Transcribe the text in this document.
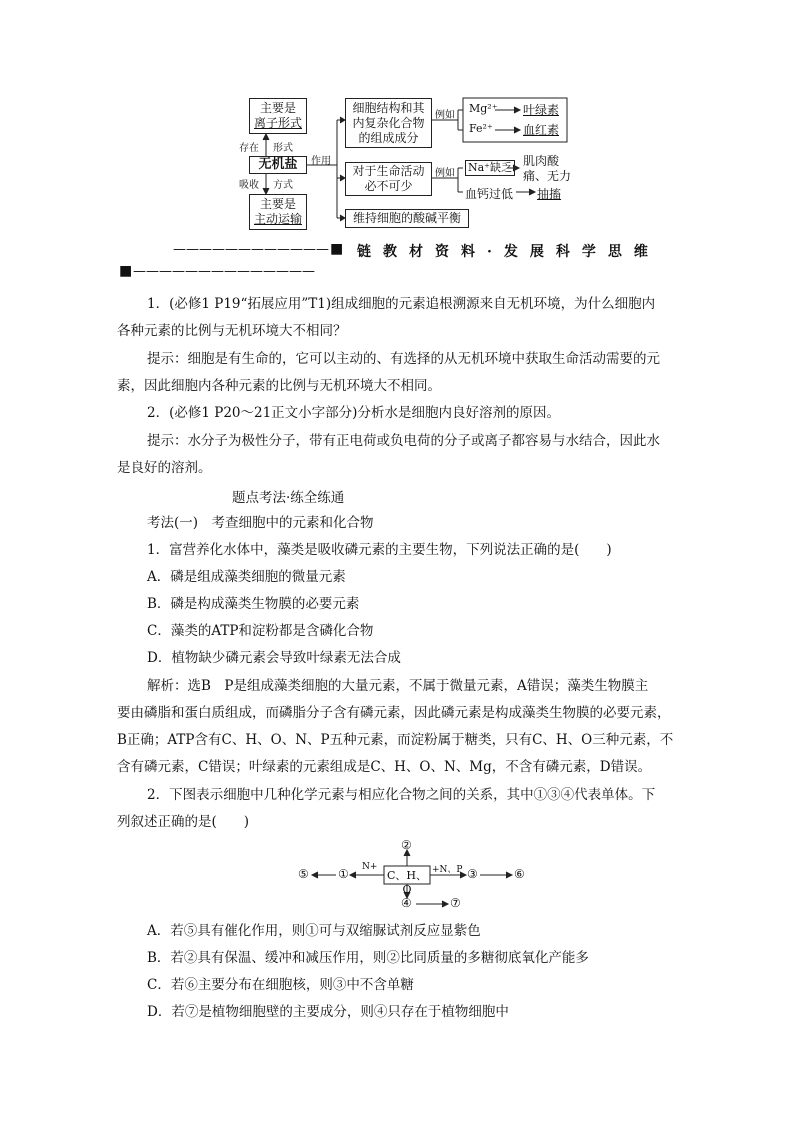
主要是
离子形式
存在 形式
无机盐
吸收 方式
主要是
主动运输
作用
细胞结构和其
内复杂化合物
的组成成分
对于生命活动
必不可少
维持细胞的酸碱平衡
例如
例如
Mg²⁺ 叶绿素
Fe²⁺	血红素
Na⁺缺乏 肌肉酸
痛、无力
血钙过低 抽搐
———————————— ■ 链教材资料·发展科学思维
■ ——————————————
1．(必修1 P19“拓展应用”T1)组成细胞的元素追根溯源来自无机环境，为什么细胞内
各种元素的比例与无机环境大不相同？
提示：细胞是有生命的，它可以主动的、有选择的从无机环境中获取生命活动需要的元
素，因此细胞内各种元素的比例与无机环境大不相同。
2．(必修1 P20～21正文小字部分)分析水是细胞内良好溶剂的原因。
提示：水分子为极性分子，带有正电荷或负电荷的分子或离子都容易与水结合，因此水
是良好的溶剂。
题点考法·练全练通
考法(一)　考查细胞中的元素和化合物
1．富营养化水体中，藻类是吸收磷元素的主要生物，下列说法正确的是(　　)
A．磷是组成藻类细胞的微量元素
B．磷是构成藻类生物膜的必要元素
C．藻类的ATP和淀粉都是含磷化合物
D．植物缺少磷元素会导致叶绿素无法合成
解析：选B　P是组成藻类细胞的大量元素，不属于微量元素，A错误；藻类生物膜主
要由磷脂和蛋白质组成，而磷脂分子含有磷元素，因此磷元素是构成藻类生物膜的必要元素，
B正确；ATP含有C、H、O、N、P五种元素，而淀粉属于糖类，只有C、H、O三种元素，不
含有磷元素，C错误；叶绿素的元素组成是C、H、O、N、Mg，不含有磷元素，D错误。
2．下图表示细胞中几种化学元素与相应化合物之间的关系，其中①③④代表单体。下
列叙述正确的是(　　)
C、H、O
N+	+N、P
②
①
⑤	③	⑥
④	⑦
A．若⑤具有催化作用，则①可与双缩脲试剂反应显紫色
B．若②具有保温、缓冲和减压作用，则②比同质量的多糖彻底氧化产能多
C．若⑥主要分布在细胞核，则③中不含单糖
D．若⑦是植物细胞壁的主要成分，则④只存在于植物细胞中
